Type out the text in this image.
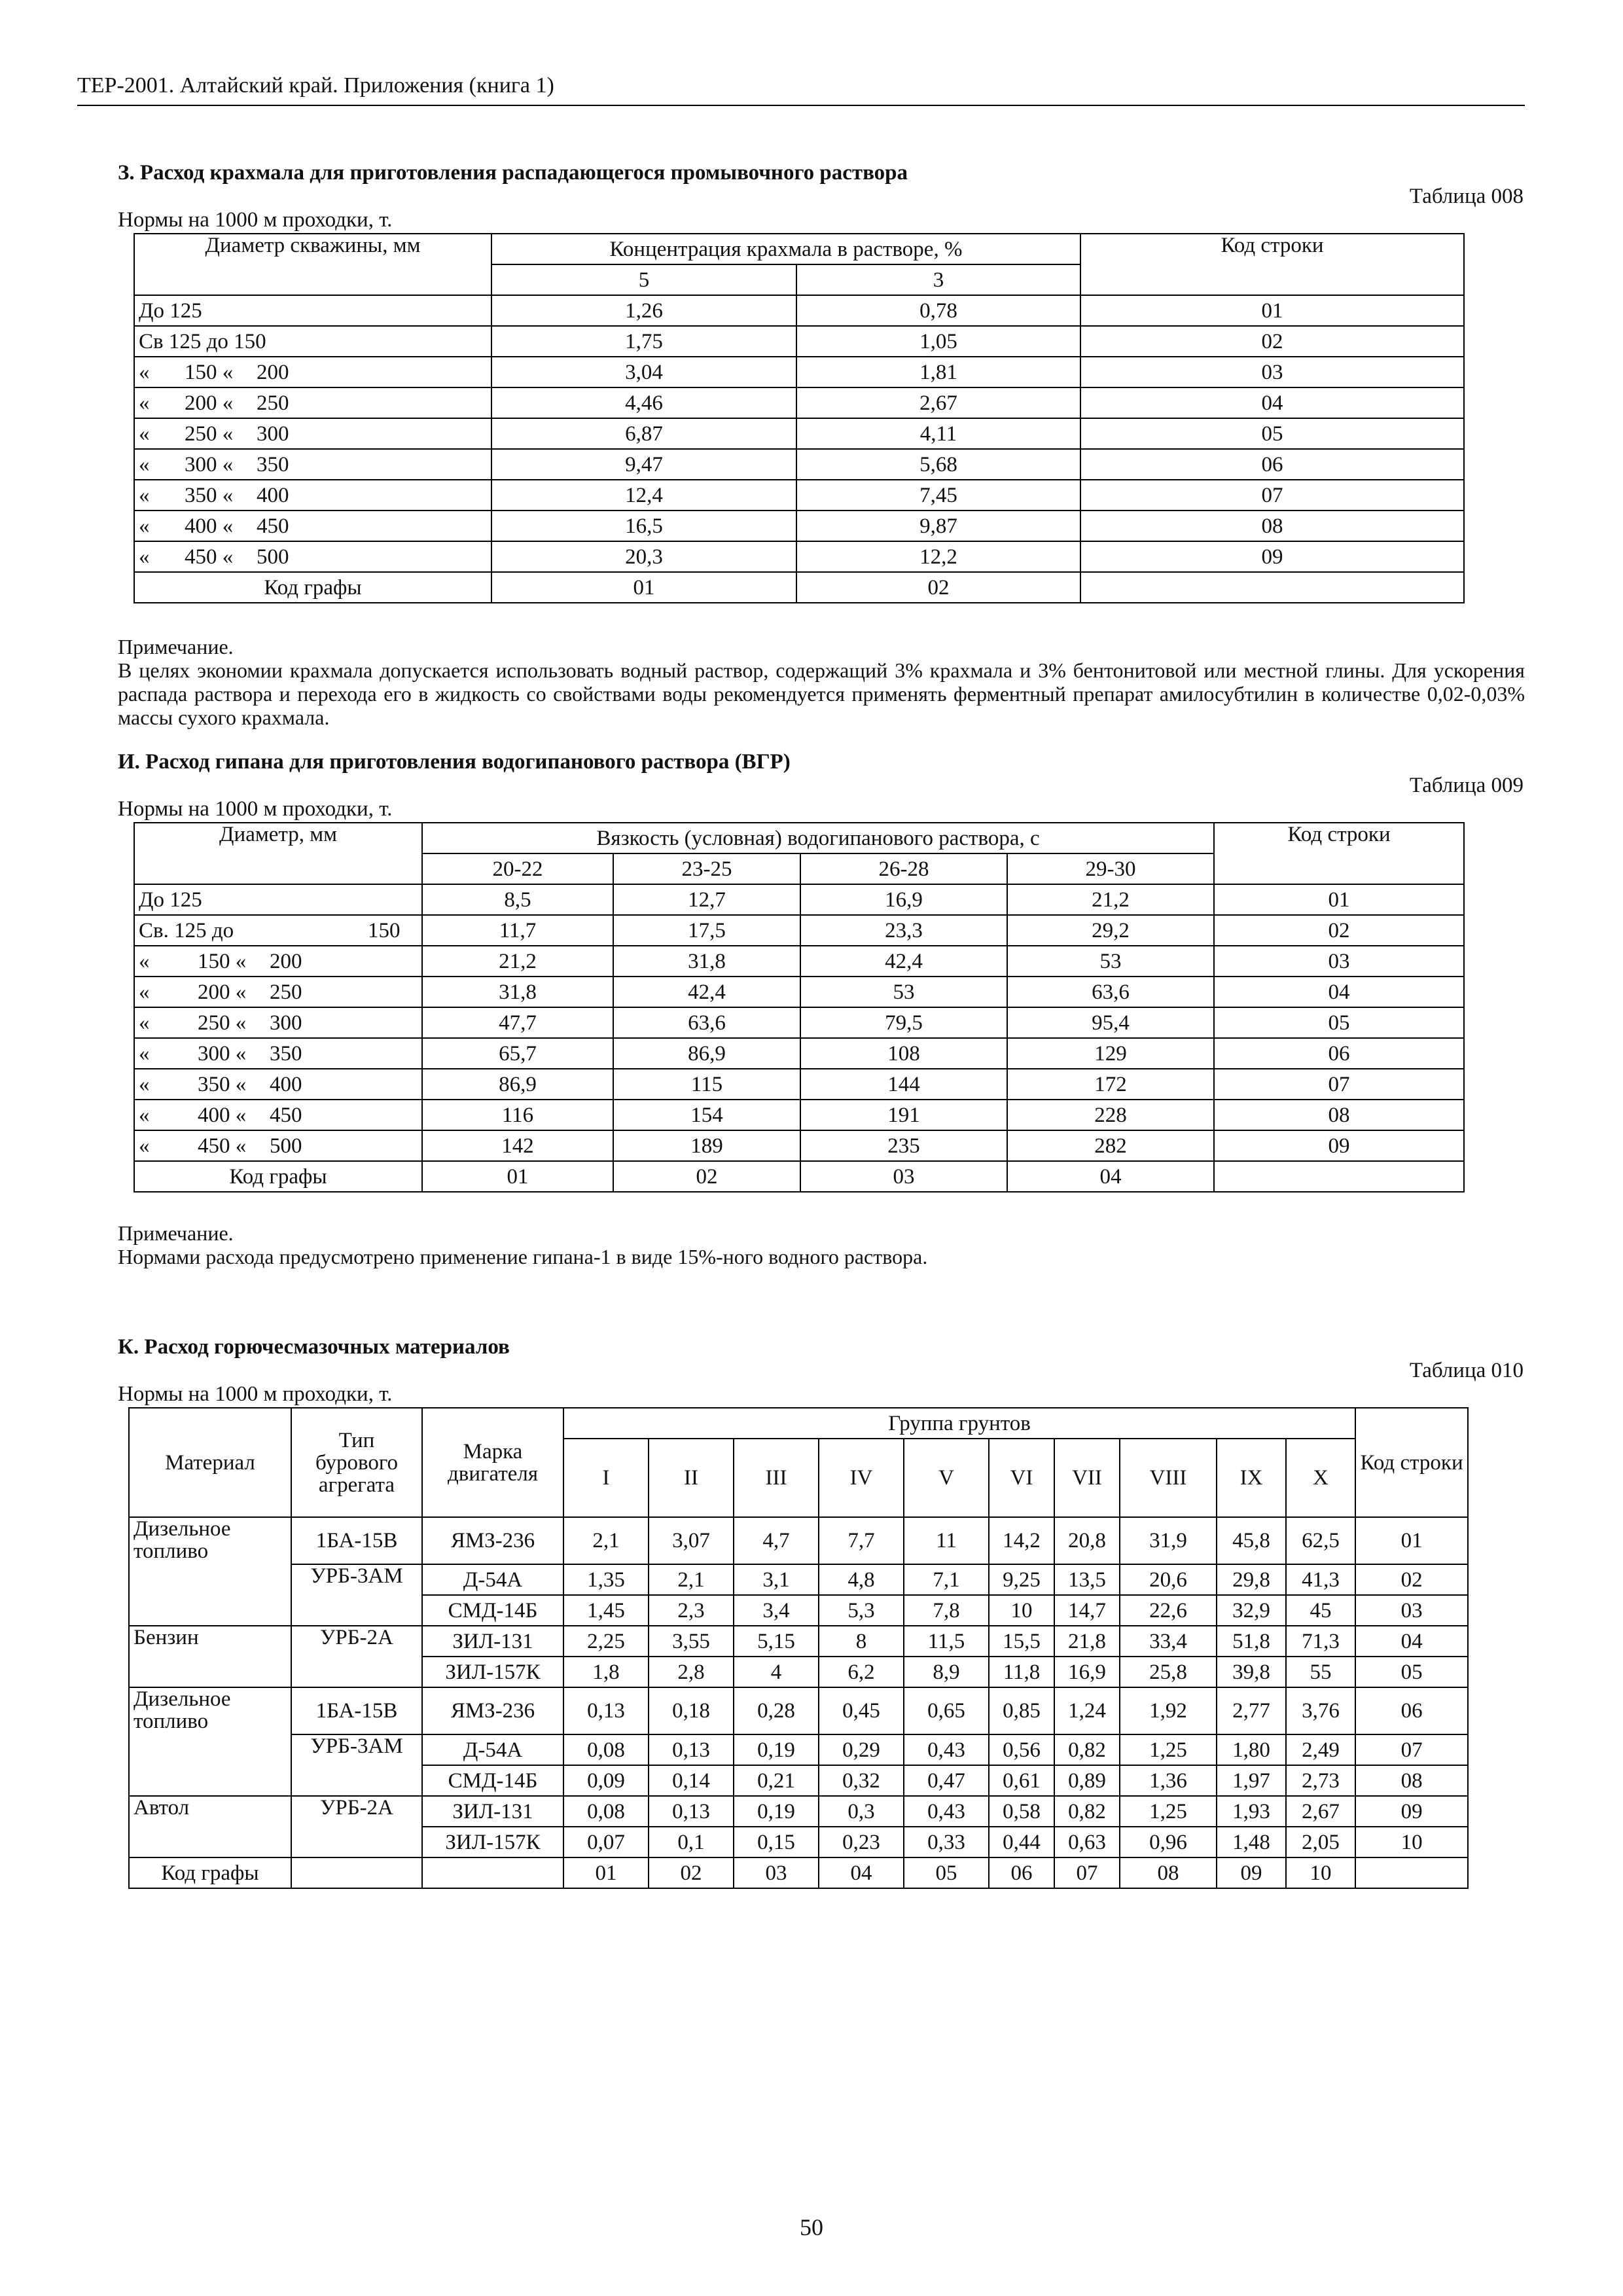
ТЕР-2001. Алтайский край. Приложения (книга 1)
З. Расход крахмала для приготовления распадающегося промывочного раствора
Таблица 008
Нормы на 1000 м проходки, т.
Диаметр скважины, мм	Концентрация крахмала в растворе, %		Код строки
	5	3	
До 125	1,26	0,78	01
Св 125 до 150	1,75	1,05	02
« 150 « 200	3,04	1,81	03
« 200 « 250	4,46	2,67	04
« 250 « 300	6,87	4,11	05
« 300 « 350	9,47	5,68	06
« 350 « 400	12,4	7,45	07
« 400 « 450	16,5	9,87	08
« 450 « 500	20,3	12,2	09
Код графы	01	02	
Примечание.
В целях экономии крахмала допускается использовать водный раствор, содержащий 3% крахмала и 3% бентонитовой или местной глины. Для ускорения распада раствора и перехода его в жидкость со свойствами воды рекомендуется применять ферментный препарат амилосубтилин в количестве 0,02-0,03% массы сухого крахмала.
И. Расход гипана для приготовления водогипанового раствора (ВГР)
Таблица 009
Нормы на 1000 м проходки, т.
Диаметр, мм	Вязкость (условная) водогипанового раствора, с				Код строки
	20-22	23-25	26-28	29-30	
До 125	8,5	12,7	16,9	21,2	01
Св. 125 до 150	11,7	17,5	23,3	29,2	02
« 150 « 200	21,2	31,8	42,4	53	03
« 200 « 250	31,8	42,4	53	63,6	04
« 250 « 300	47,7	63,6	79,5	95,4	05
« 300 « 350	65,7	86,9	108	129	06
« 350 « 400	86,9	115	144	172	07
« 400 « 450	116	154	191	228	08
« 450 « 500	142	189	235	282	09
Код графы	01	02	03	04	
Примечание.
Нормами расхода предусмотрено применение гипана-1 в виде 15%-ного водного раствора.
К. Расход горючесмазочных материалов
Таблица 010
Нормы на 1000 м проходки, т.
Материал	Тип бурового агрегата	Марка двигателя	Группа грунтов										Код строки
			I	II	III	IV	V	VI	VII	VIII	IX	X	
Дизельное топливо	1БА-15В	ЯМЗ-236	2,1	3,07	4,7	7,7	11	14,2	20,8	31,9	45,8	62,5	01
	УРБ-3АМ	Д-54А	1,35	2,1	3,1	4,8	7,1	9,25	13,5	20,6	29,8	41,3	02
		СМД-14Б	1,45	2,3	3,4	5,3	7,8	10	14,7	22,6	32,9	45	03
Бензин	УРБ-2А	ЗИЛ-131	2,25	3,55	5,15	8	11,5	15,5	21,8	33,4	51,8	71,3	04
		ЗИЛ-157К	1,8	2,8	4	6,2	8,9	11,8	16,9	25,8	39,8	55	05
Дизельное топливо	1БА-15В	ЯМЗ-236	0,13	0,18	0,28	0,45	0,65	0,85	1,24	1,92	2,77	3,76	06
	УРБ-3АМ	Д-54А	0,08	0,13	0,19	0,29	0,43	0,56	0,82	1,25	1,80	2,49	07
		СМД-14Б	0,09	0,14	0,21	0,32	0,47	0,61	0,89	1,36	1,97	2,73	08
Автол	УРБ-2А	ЗИЛ-131	0,08	0,13	0,19	0,3	0,43	0,58	0,82	1,25	1,93	2,67	09
		ЗИЛ-157К	0,07	0,1	0,15	0,23	0,33	0,44	0,63	0,96	1,48	2,05	10
Код графы			01	02	03	04	05	06	07	08	09	10	
50
